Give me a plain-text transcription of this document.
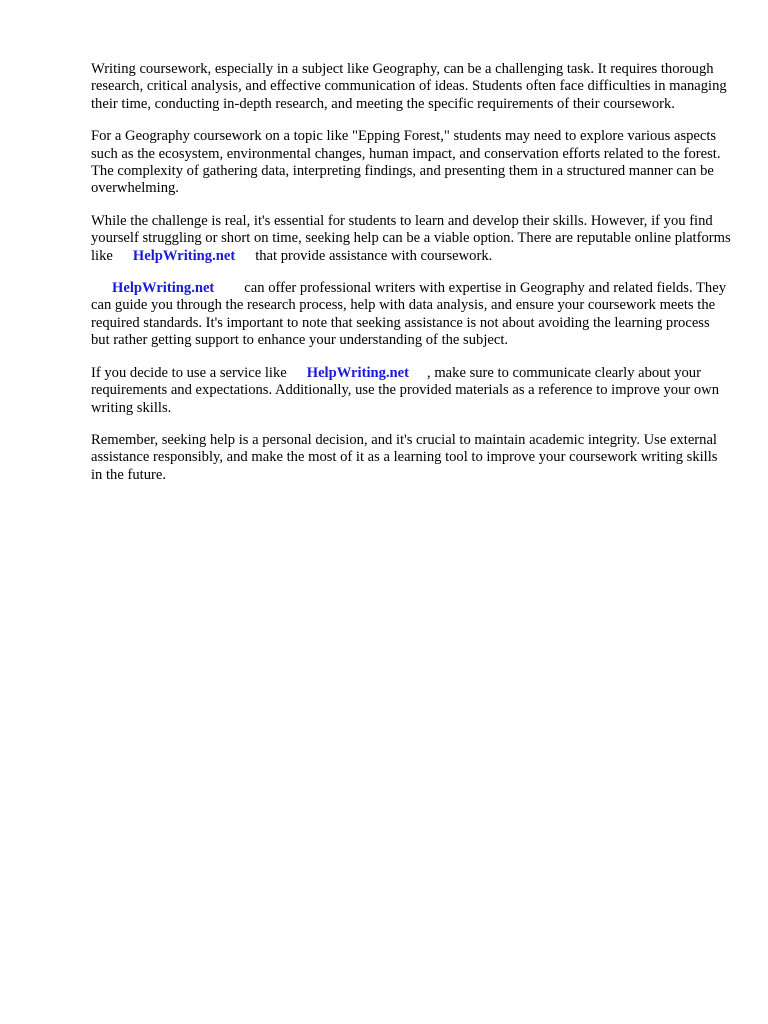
Writing coursework, especially in a subject like Geography, can be a challenging task. It requires thorough research, critical analysis, and effective communication of ideas. Students often face difficulties in managing their time, conducting in-depth research, and meeting the specific requirements of their coursework.

For a Geography coursework on a topic like "Epping Forest," students may need to explore various aspects such as the ecosystem, environmental changes, human impact, and conservation efforts related to the forest. The complexity of gathering data, interpreting findings, and presenting them in a structured manner can be overwhelming.

While the challenge is real, it's essential for students to learn and develop their skills. However, if you find yourself struggling or short on time, seeking help can be a viable option. There are reputable online platforms like HelpWriting.net that provide assistance with coursework.

HelpWriting.net can offer professional writers with expertise in Geography and related fields. They can guide you through the research process, help with data analysis, and ensure your coursework meets the required standards. It's important to note that seeking assistance is not about avoiding the learning process but rather getting support to enhance your understanding of the subject.

If you decide to use a service like HelpWriting.net , make sure to communicate clearly about your requirements and expectations. Additionally, use the provided materials as a reference to improve your own writing skills.

Remember, seeking help is a personal decision, and it's crucial to maintain academic integrity. Use external assistance responsibly, and make the most of it as a learning tool to improve your coursework writing skills in the future.
